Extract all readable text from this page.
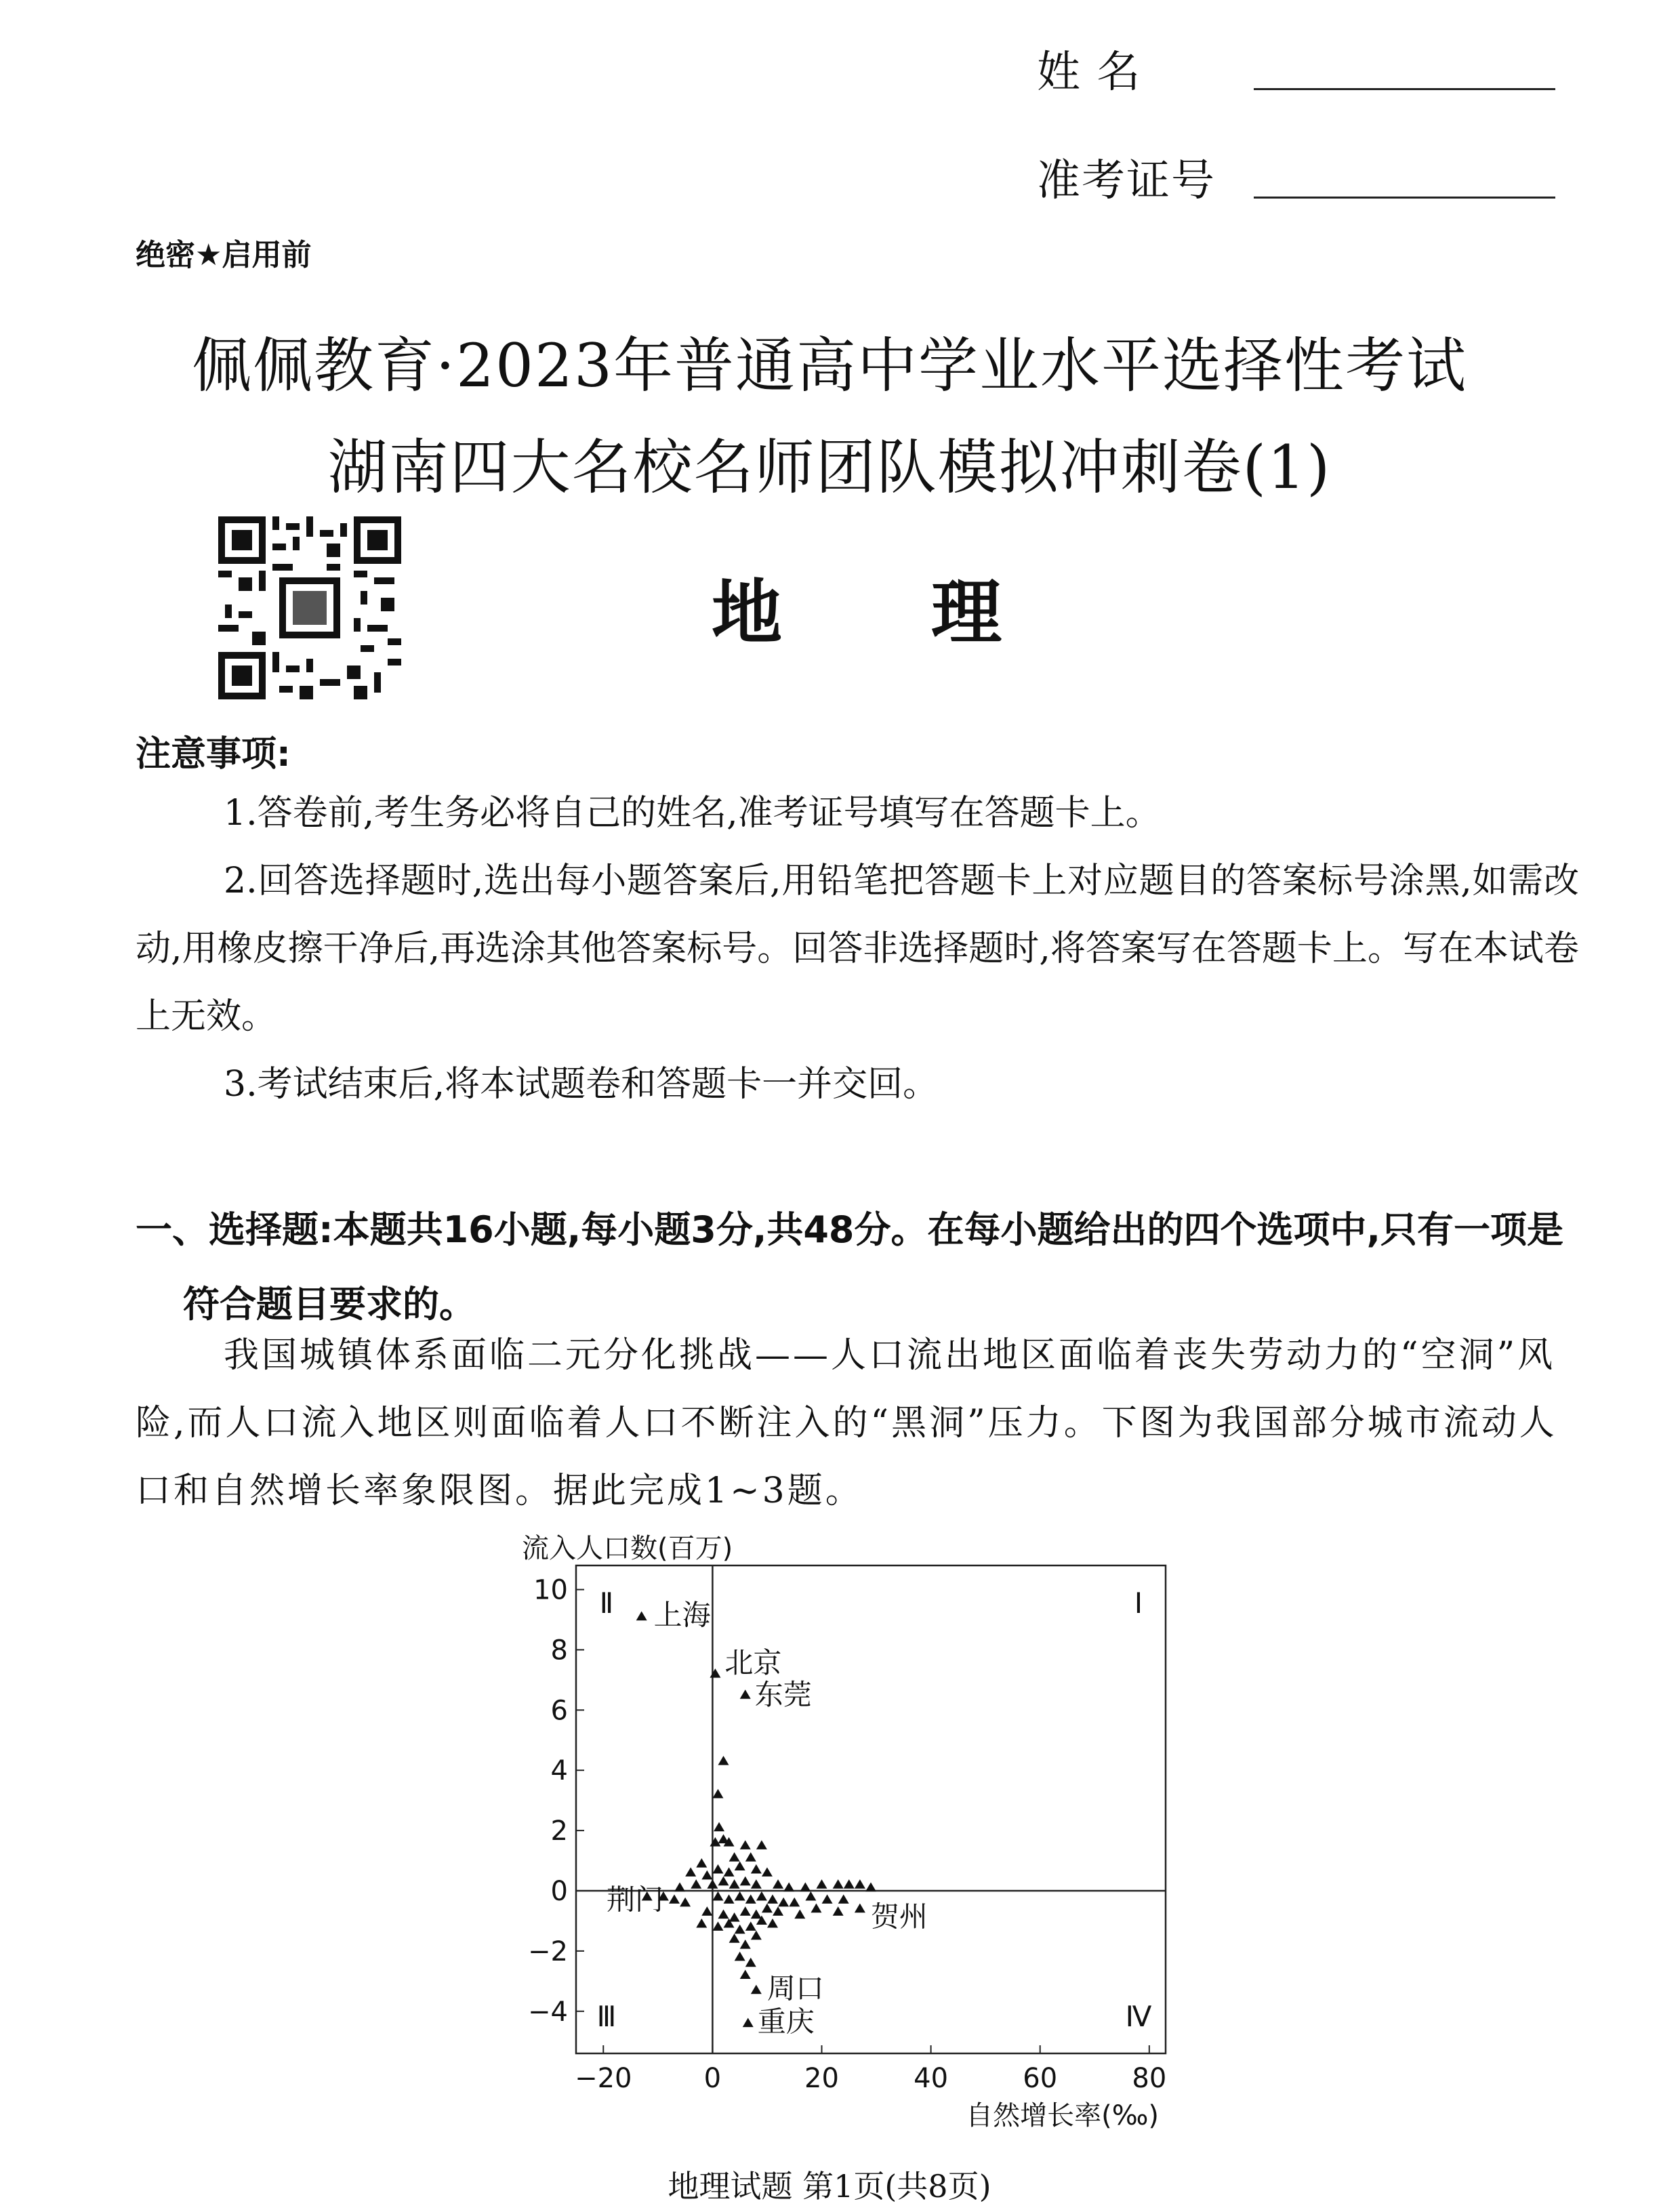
姓 名
准考证号
绝密★启用前
佩佩教育·2023年普通高中学业水平选择性考试
湖南四大名校名师团队模拟冲刺卷(1)
地理
注意事项:
1.答卷前,考生务必将自己的姓名,准考证号填写在答题卡上。
2.回答选择题时,选出每小题答案后,用铅笔把答题卡上对应题目的答案标号涂黑,如需改动,用橡皮擦干净后,再选涂其他答案标号。回答非选择题时,将答案写在答题卡上。写在本试卷上无效。
3.考试结束后,将本试题卷和答题卡一并交回。
一、选择题:本题共16小题,每小题3分,共48分。在每小题给出的四个选项中,只有一项是符合题目要求的。
我国城镇体系面临二元分化挑战——人口流出地区面临着丧失劳动力的“空洞”风险,而人口流入地区则面临着人口不断注入的“黑洞”压力。下图为我国部分城市流动人口和自然增长率象限图。据此完成1~3题。
10
8
6
4
2
0
−2
−4
−20	0	20	40	60	80
流入人口数(百万)
自然增长率(‰)
Ⅰ
Ⅱ
Ⅲ	Ⅳ
上海
北京
东莞
荆门
贺州
周口
重庆
地理试题 第1页(共8页)
